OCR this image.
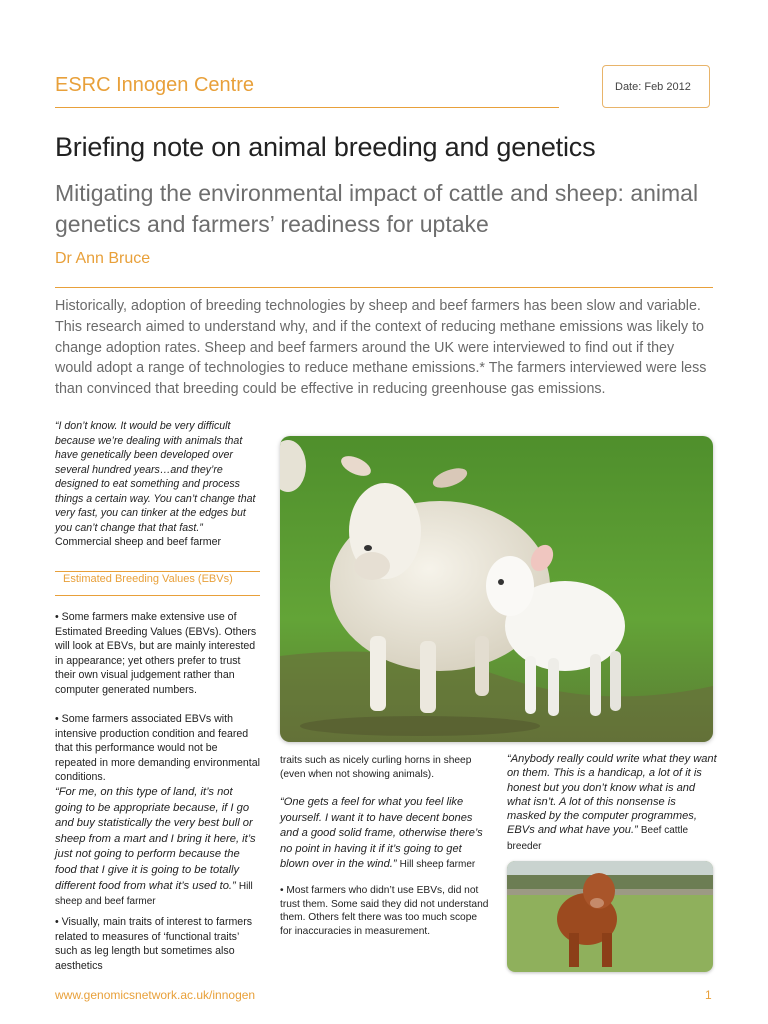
ESRC Innogen Centre	Date: Feb 2012
Briefing note on animal breeding and genetics
Mitigating the environmental impact of cattle and sheep: animal genetics and farmers’ readiness for uptake
Dr Ann Bruce
Historically, adoption of breeding technologies by sheep and beef farmers has been slow and variable. This research aimed to understand why, and if the context of reducing methane emissions was likely to change adoption rates. Sheep and beef farmers around the UK were interviewed to find out if they would adopt a range of technologies to reduce methane emissions.* The farmers interviewed were less than convinced that breeding could be effective in reducing greenhouse gas emissions.
“I don’t know. It would be very difficult because we’re dealing with animals that have genetically been developed over several hundred years…and they’re designed to eat something and process things a certain way. You can’t change that very fast, you can tinker at the edges but you can’t change that that fast.” Commercial sheep and beef farmer
Estimated Breeding Values (EBVs)
• Some farmers make extensive use of Estimated Breeding Values (EBVs). Others will look at EBVs, but are mainly interested in appearance; yet others prefer to trust their own visual judgement rather than computer generated numbers.
• Some farmers associated EBVs with intensive production condition and feared that this performance would not be repeated in more demanding environmental conditions.
“For me, on this type of land, it’s not going to be appropriate because, if I go and buy statistically the very best bull or sheep from a mart and I bring it here, it’s just not going to perform because the food that I give it is going to be totally different food from what it’s used to.” Hill sheep and beef farmer
• Visually, main traits of interest to farmers related to measures of ‘functional traits’ such as leg length but sometimes also aesthetics
traits such as nicely curling horns in sheep (even when not showing animals).
“One gets a feel for what you feel like yourself. I want it to have decent bones and a good solid frame, otherwise there’s no point in having it if it’s going to get blown over in the wind.” Hill sheep farmer
• Most farmers who didn’t use EBVs, did not trust them. Some said they did not understand them. Others felt there was too much scope for inaccuracies in measurement.
“Anybody really could write what they want on them. This is a handicap, a lot of it is honest but you don’t know what is and what isn’t. A lot of this nonsense is masked by the computer programmes, EBVs and what have you.” Beef cattle breeder
www.genomicsnetwork.ac.uk/innogen	1
